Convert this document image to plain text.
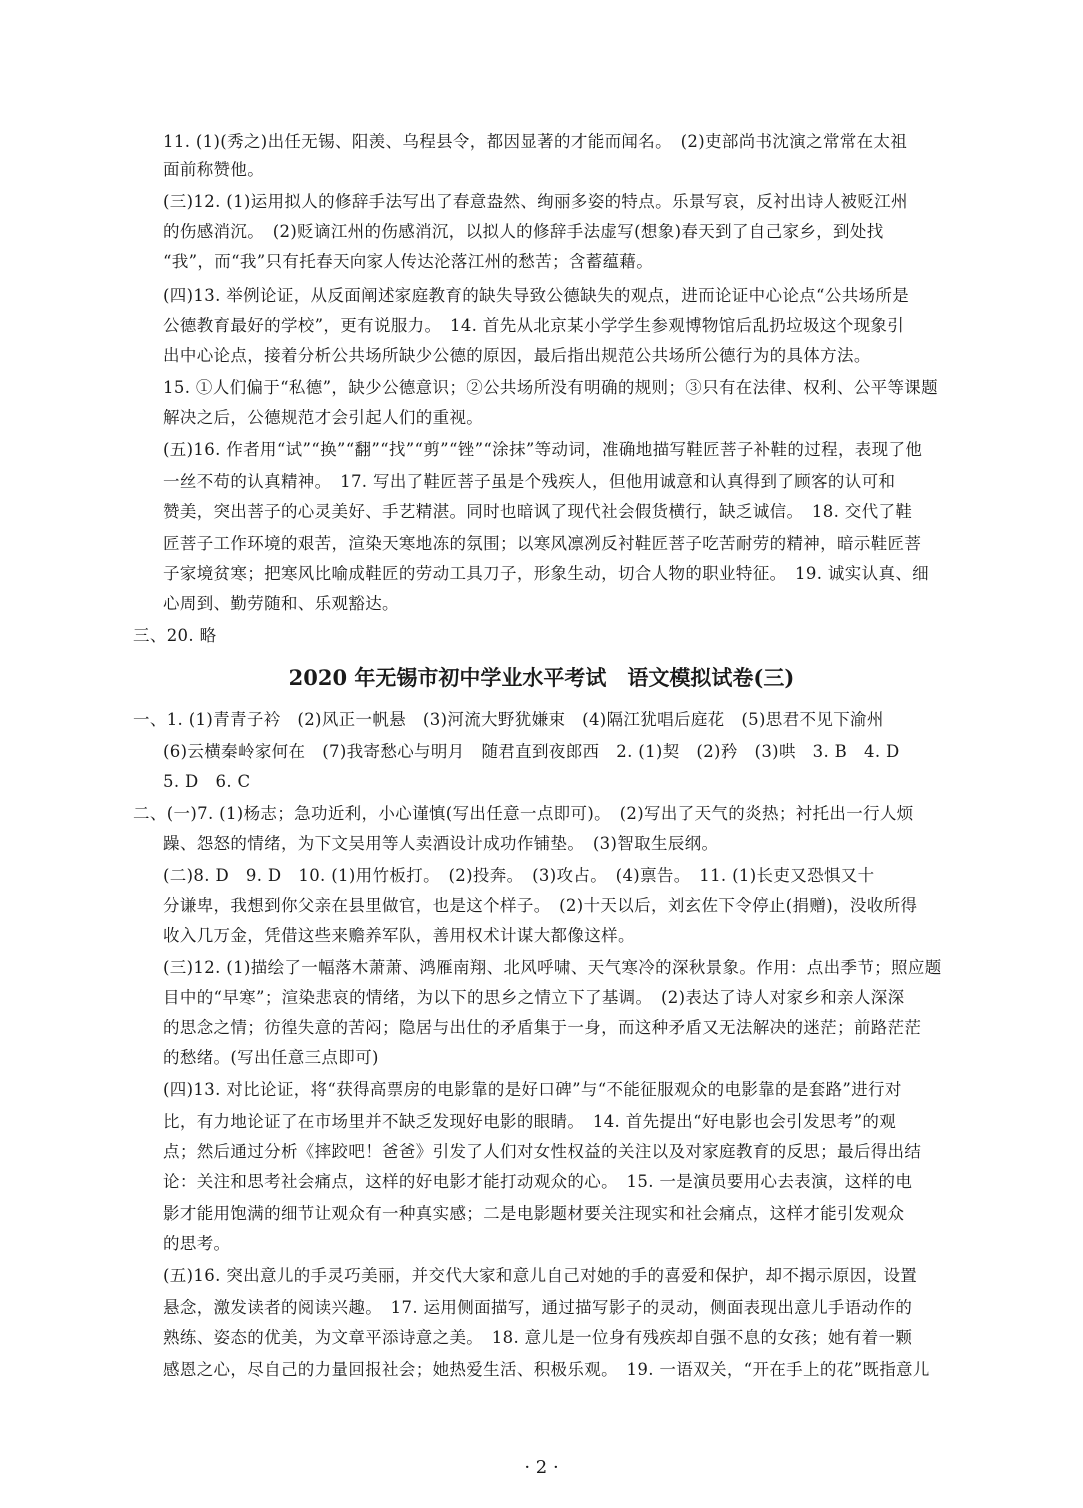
11. (1)(秀之)出任无锡、阳羡、乌程县令，都因显著的才能而闻名。　(2)吏部尚书沈演之常常在太祖
面前称赞他。
(三)12. (1)运用拟人的修辞手法写出了春意盎然、绚丽多姿的特点。乐景写哀，反衬出诗人被贬江州
的伤感消沉。　(2)贬谪江州的伤感消沉，以拟人的修辞手法虚写(想象)春天到了自己家乡，到处找
“我”，而“我”只有托春天向家人传达沦落江州的愁苦；含蓄蕴藉。
(四)13. 举例论证，从反面阐述家庭教育的缺失导致公德缺失的观点，进而论证中心论点“公共场所是
公德教育最好的学校”，更有说服力。　14. 首先从北京某小学学生参观博物馆后乱扔垃圾这个现象引
出中心论点，接着分析公共场所缺少公德的原因，最后指出规范公共场所公德行为的具体方法。
15. ①人们偏于“私德”，缺少公德意识；②公共场所没有明确的规则；③只有在法律、权利、公平等课题
解决之后，公德规范才会引起人们的重视。
(五)16. 作者用“试”“换”“翻”“找”“剪”“锉”“涂抹”等动词，准确地描写鞋匠菩子补鞋的过程，表现了他
一丝不苟的认真精神。　17. 写出了鞋匠菩子虽是个残疾人，但他用诚意和认真得到了顾客的认可和
赞美，突出菩子的心灵美好、手艺精湛。同时也暗讽了现代社会假货横行，缺乏诚信。　18. 交代了鞋
匠菩子工作环境的艰苦，渲染天寒地冻的氛围；以寒风凛冽反衬鞋匠菩子吃苦耐劳的精神，暗示鞋匠菩
子家境贫寒；把寒风比喻成鞋匠的劳动工具刀子，形象生动，切合人物的职业特征。　19. 诚实认真、细
心周到、勤劳随和、乐观豁达。
三、20. 略
2020 年无锡市初中学业水平考试　语文模拟试卷(三)
一、1. (1)青青子衿　(2)风正一帆悬　(3)河流大野犹嫌束　(4)隔江犹唱后庭花　(5)思君不见下渝州
(6)云横秦岭家何在　(7)我寄愁心与明月　随君直到夜郎西　2. (1)契　(2)矜　(3)哄　3. B　4. D
5. D　6. C
二、(一)7. (1)杨志；急功近利，小心谨慎(写出任意一点即可)。　(2)写出了天气的炎热；衬托出一行人烦
躁、怨怒的情绪，为下文吴用等人卖酒设计成功作铺垫。　(3)智取生辰纲。
(二)8. D　9. D　10. (1)用竹板打。　(2)投奔。　(3)攻占。　(4)禀告。　11. (1)长吏又恐惧又十
分谦卑，我想到你父亲在县里做官，也是这个样子。　(2)十天以后，刘玄佐下令停止(捐赠)，没收所得
收入几万金，凭借这些来赡养军队，善用权术计谋大都像这样。
(三)12. (1)描绘了一幅落木萧萧、鸿雁南翔、北风呼啸、天气寒冷的深秋景象。作用：点出季节；照应题
目中的“早寒”；渲染悲哀的情绪，为以下的思乡之情立下了基调。　(2)表达了诗人对家乡和亲人深深
的思念之情；彷徨失意的苦闷；隐居与出仕的矛盾集于一身，而这种矛盾又无法解决的迷茫；前路茫茫
的愁绪。(写出任意三点即可)
(四)13. 对比论证，将“获得高票房的电影靠的是好口碑”与“不能征服观众的电影靠的是套路”进行对
比，有力地论证了在市场里并不缺乏发现好电影的眼睛。　14. 首先提出“好电影也会引发思考”的观
点；然后通过分析《摔跤吧！爸爸》引发了人们对女性权益的关注以及对家庭教育的反思；最后得出结
论：关注和思考社会痛点，这样的好电影才能打动观众的心。　15. 一是演员要用心去表演，这样的电
影才能用饱满的细节让观众有一种真实感；二是电影题材要关注现实和社会痛点，这样才能引发观众
的思考。
(五)16. 突出意儿的手灵巧美丽，并交代大家和意儿自己对她的手的喜爱和保护，却不揭示原因，设置
悬念，激发读者的阅读兴趣。　17. 运用侧面描写，通过描写影子的灵动，侧面表现出意儿手语动作的
熟练、姿态的优美，为文章平添诗意之美。　18. 意儿是一位身有残疾却自强不息的女孩；她有着一颗
感恩之心，尽自己的力量回报社会；她热爱生活、积极乐观。　19. 一语双关，“开在手上的花”既指意儿
· 2 ·
